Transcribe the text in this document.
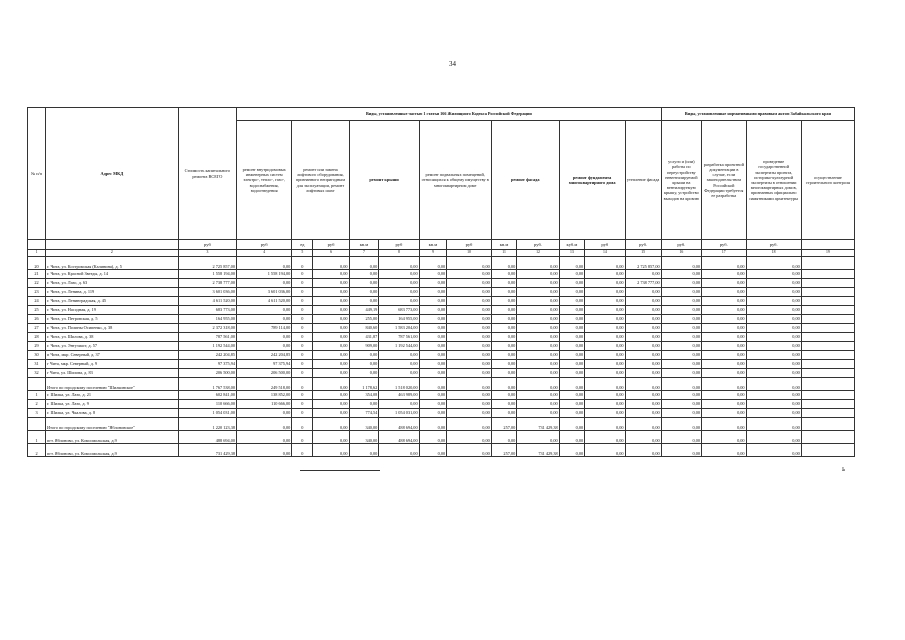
34
№ п/п	Адрес МКД	Стоимость капитального ремонта ВСЕГО	Виды, установленные частью 1 статьи 166 Жилищного Кодекса Российской Федерации												Виды, установленные нормативными правовым актом Забайкальского края			
			ремонт внутридомовых инженерных систем электро-, тепло-, газо-, водоснабжения, водоотведения	ремонт или замена лифтового оборудования, признанного непригодным для эксплуатации, ремонт лифтовых шахт		ремонт крыши		ремонт подвальных помещений, относящихся к общему имуществу в многоквартирном доме		ремонт фасада		ремонт фундамента многоквартирного дома		утепление фасада	услуги и (или) работы по переустройству невентилируемой крыши на вентилируемую крышу, устройство выходов на кровлю	разработка проектной документации в случае, если законодательством Российской Федерации требуется ее разработка	проведение государственной экспертизы проекта, историко-культурной экспертизы в отношении многоквартирных домов, признанных официально памятниками архитектуры	осуществление строительного контроля
		руб	руб	ед	руб	кв.м	руб	кв.м	руб	кв.м	руб.	куб.м	руб	руб.	руб.	руб.	руб.	
1	2	3	4	5	6	7	8	9	10	11	12	13	14	15	16	17	18	19
20	г. Чита, ул. Костромская (Калинина), д. 5	2 725 857,00	0,00	0	0,00	0,00	0,00	0,00	0,00	0,00	0,00	0,00	0,00	2 725 857,00	0,00	0,00	0,00	
21	г. Чита, ул. Красной Звезды, д. 14	1 558 194,00	1 558 194,00	0	0,00	0,00	0,00	0,00	0,00	0,00	0,00	0,00	0,00	0,00	0,00	0,00	0,00	
22	г. Чита, ул. Лазо, д. 63	2 738 777,00	0,00	0	0,00	0,00	0,00	0,00	0,00	0,00	0,00	0,00	0,00	2 738 777,00	0,00	0,00	0,00	
23	г. Чита, ул. Ленина, д. 119	3 601 036,00	3 601 036,00	0	0,00	0,00	0,00	0,00	0,00	0,00	0,00	0,00	0,00	0,00	0,00	0,00	0,00	
24	г. Чита, ул. Ленинградская, д. 45	4 611 520,00	4 611 520,00	0	0,00	0,00	0,00	0,00	0,00	0,00	0,00	0,00	0,00	0,00	0,00	0,00	0,00	
25	г. Чита, ул. Насодная, д. 19	683 773,00	0,00	0	0,00	449,19	683 773,00	0,00	0,00	0,00	0,00	0,00	0,00	0,00	0,00	0,00	0,00	
26	г. Чита, ул. Петровская, д. 5	164 955,00	0,00	0	0,00	255,00	164 955,00	0,00	0,00	0,00	0,00	0,00	0,00	0,00	0,00	0,00	0,00	
27	г. Чита, ул. Полины Осипенко, д. 38	2 372 318,00	789 114,00	0	0,00	840,60	1 583 204,00	0,00	0,00	0,00	0,00	0,00	0,00	0,00	0,00	0,00	0,00	
28	г. Чита, ул. Шилова, д. 38	787 561,00	0,00	0	0,00	431,87	787 561,00	0,00	0,00	0,00	0,00	0,00	0,00	0,00	0,00	0,00	0,00	
29	г. Чита, ул. Энтузиаст, д. 57	1 192 544,00	0,00	0	0,00	909,00	1 192 544,00	0,00	0,00	0,00	0,00	0,00	0,00	0,00	0,00	0,00	0,00	
30	п Чита, мкр. Северный, д. 37	242 204,85	242 204,85	0	0,00	0,00	0,00	0,00	0,00	0,00	0,00	0,00	0,00	0,00	0,00	0,00	0,00	
31	г Чита, мкр. Северный, д. 9	97 375,94	97 375,94	0	0,00	0,00	0,00	0,00	0,00	0,00	0,00	0,00	0,00	0,00	0,00	0,00	0,00	
32	г Чита, ул. Шилова, д. 83	206 500,00	206 500,00	0	0,00	0,00	0,00	0,00	0,00	0,00	0,00	0,00	0,00	0,00	0,00	0,00	0,00	
	Итого по городскому поселению "Шилкинское"	1 767 538,00	249 518,00	0	0,00	1 178,62	1 518 020,00	0,00	0,00	0,00	0,00	0,00	0,00	0,00	0,00	0,00	0,00	
1	г. Шилка, ул. Лазо, д. 21	602 841,00	138 852,00	0	0,00	354,08	463 989,00	0,00	0,00	0,00	0,00	0,00	0,00	0,00	0,00	0,00	0,00	
2	г. Шилка, ул. Лазо, д. 9	110 666,00	110 666,00	0	0,00	0,00	0,00	0,00	0,00	0,00	0,00	0,00	0,00	0,00	0,00	0,00	0,00	
3	г. Шилка, ул. Чкалова, д. 8	1 054 031,00	0,00	0	0,00	774,54	1 054 031,00	0,00	0,00	0,00	0,00	0,00	0,00	0,00	0,00	0,00	0,00	
	Итого по городскому поселению "Яблоновское"	1 220 123,38	0,00	0	0,00	340,00	488 694,00	0,00	0,00	257,00	731 429,38	0,00	0,00	0,00	0,00	0,00	0,00	
1	пгт. Яблоново, ул. Комсомольская, д.9	488 694,00	0,00	0	0,00	340,00	488 694,00	0,00	0,00	0,00	0,00	0,00	0,00	0,00	0,00	0,00	0,00	
2	пгт. Яблоново, ул. Комсомольская, д.9	731 429,38	0,00	0	0,00	0,00	0,00	0,00	0,00	257,00	731 429,38	0,00	0,00	0,00	0,00	0,00	0,00	
ь
